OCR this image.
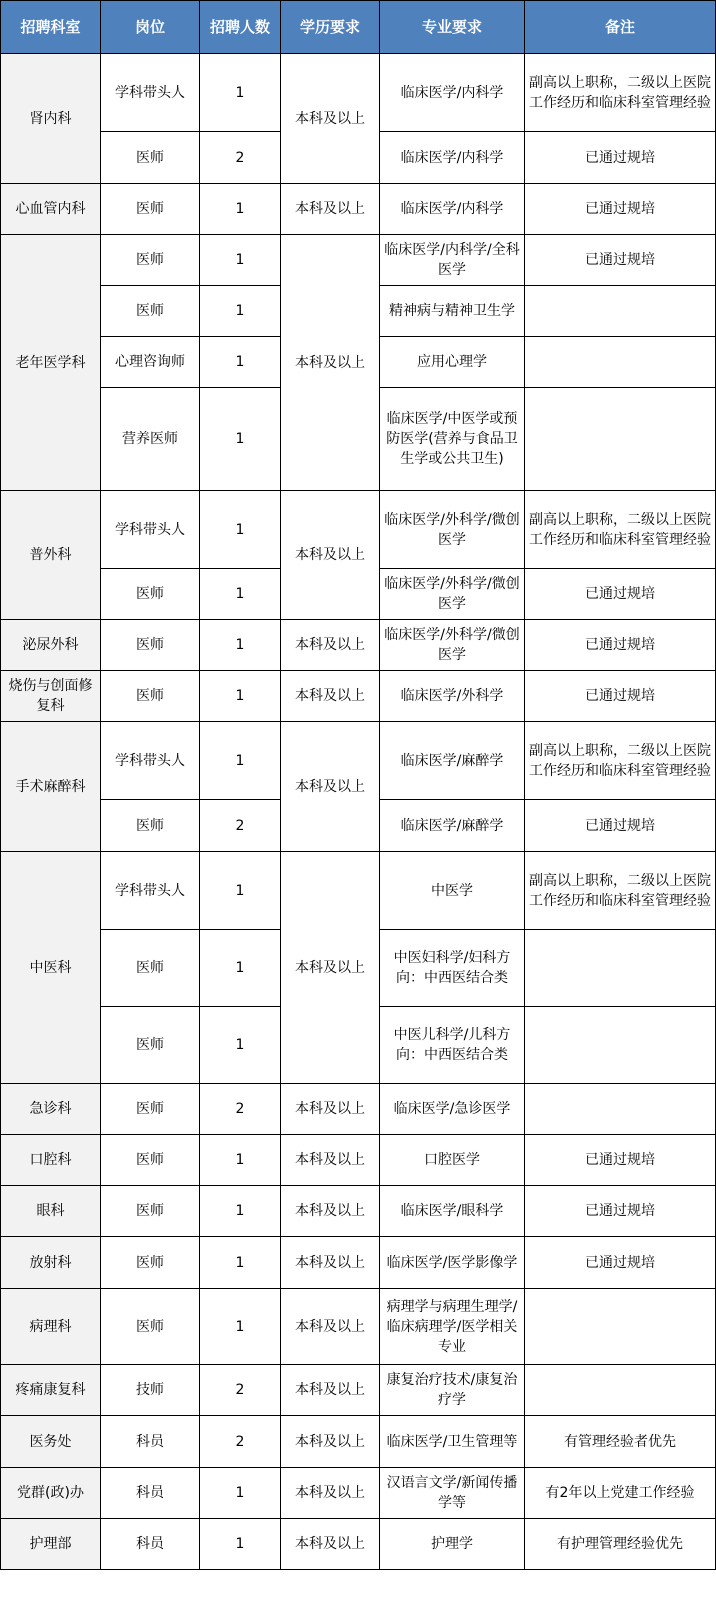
招聘科室	岗位	招聘人数	学历要求	专业要求	备注
肾内科	学科带头人	1	本科及以上	临床医学/内科学	副高以上职称，二级以上医院工作经历和临床科室管理经验
	医师	2		临床医学/内科学	已通过规培
心血管内科	医师	1	本科及以上	临床医学/内科学	已通过规培
老年医学科	医师	1	本科及以上	临床医学/内科学/全科医学	已通过规培
	医师	1		精神病与精神卫生学	
	心理咨询师	1		应用心理学	
	营养医师	1		临床医学/中医学或预防医学(营养与食品卫生学或公共卫生)	
普外科	学科带头人	1	本科及以上	临床医学/外科学/微创医学	副高以上职称，二级以上医院工作经历和临床科室管理经验
	医师	1		临床医学/外科学/微创医学	已通过规培
泌尿外科	医师	1	本科及以上	临床医学/外科学/微创医学	已通过规培
烧伤与创面修复科	医师	1	本科及以上	临床医学/外科学	已通过规培
手术麻醉科	学科带头人	1	本科及以上	临床医学/麻醉学	副高以上职称，二级以上医院工作经历和临床科室管理经验
	医师	2		临床医学/麻醉学	已通过规培
中医科	学科带头人	1	本科及以上	中医学	副高以上职称，二级以上医院工作经历和临床科室管理经验
	医师	1		中医妇科学/妇科方向：中西医结合类	
	医师	1		中医儿科学/儿科方向：中西医结合类	
急诊科	医师	2	本科及以上	临床医学/急诊医学	
口腔科	医师	1	本科及以上	口腔医学	已通过规培
眼科	医师	1	本科及以上	临床医学/眼科学	已通过规培
放射科	医师	1	本科及以上	临床医学/医学影像学	已通过规培
病理科	医师	1	本科及以上	病理学与病理生理学/临床病理学/医学相关专业	
疼痛康复科	技师	2	本科及以上	康复治疗技术/康复治疗学	
医务处	科员	2	本科及以上	临床医学/卫生管理等	有管理经验者优先
党群(政)办	科员	1	本科及以上	汉语言文学/新闻传播学等	有2年以上党建工作经验
护理部	科员	1	本科及以上	护理学	有护理管理经验优先
